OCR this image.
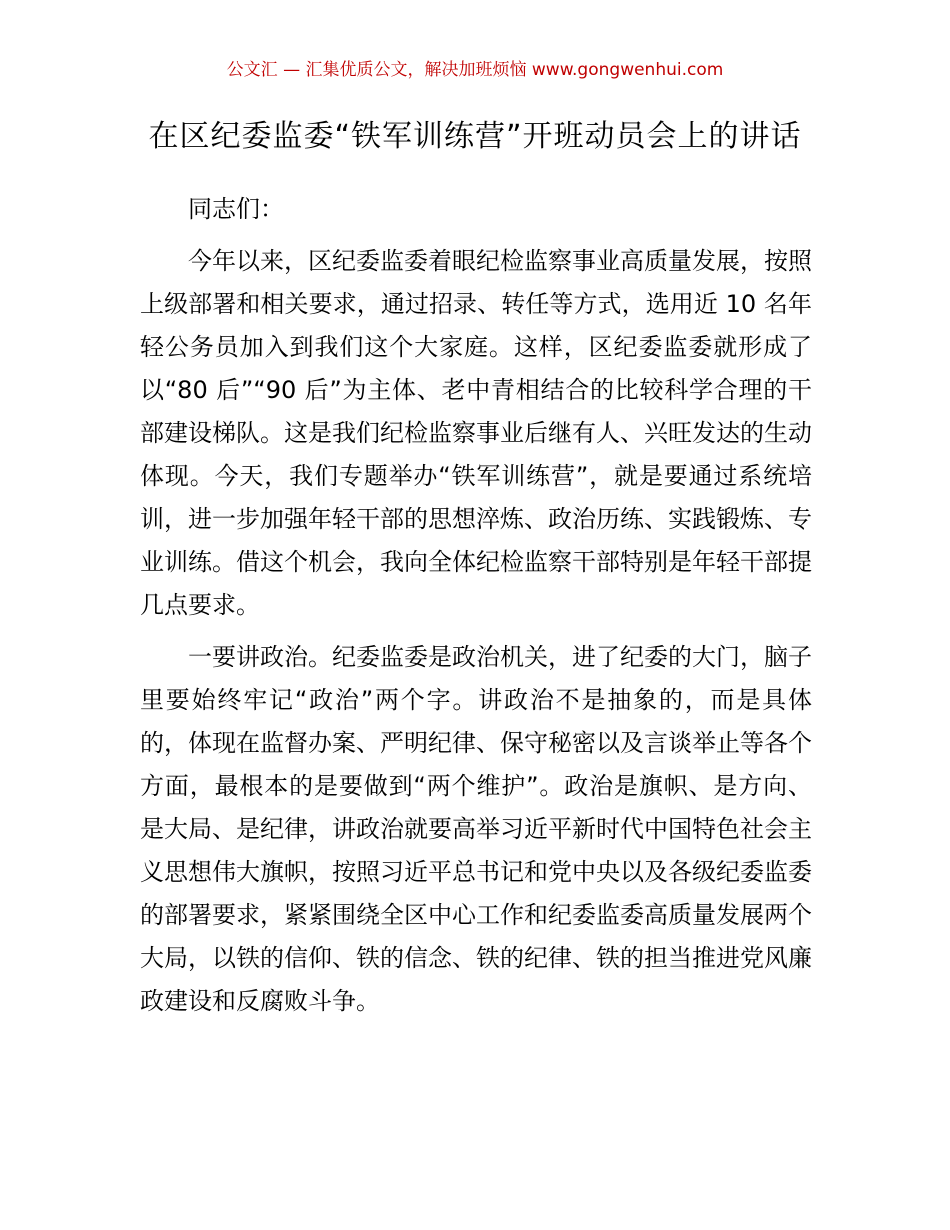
公文汇 — 汇集优质公文，解决加班烦恼 www.gongwenhui.com
在区纪委监委“铁军训练营”开班动员会上的讲话

同志们：

今年以来，区纪委监委着眼纪检监察事业高质量发展，按照上级部署和相关要求，通过招录、转任等方式，选用近 10 名年轻公务员加入到我们这个大家庭。这样，区纪委监委就形成了以“80 后”“90 后”为主体、老中青相结合的比较科学合理的干部建设梯队。这是我们纪检监察事业后继有人、兴旺发达的生动体现。今天，我们专题举办“铁军训练营”，就是要通过系统培训，进一步加强年轻干部的思想淬炼、政治历练、实践锻炼、专业训练。借这个机会，我向全体纪检监察干部特别是年轻干部提几点要求。

一要讲政治。纪委监委是政治机关，进了纪委的大门，脑子里要始终牢记“政治”两个字。讲政治不是抽象的，而是具体的，体现在监督办案、严明纪律、保守秘密以及言谈举止等各个方面，最根本的是要做到“两个维护”。政治是旗帜、是方向、是大局、是纪律，讲政治就要高举习近平新时代中国特色社会主义思想伟大旗帜，按照习近平总书记和党中央以及各级纪委监委的部署要求，紧紧围绕全区中心工作和纪委监委高质量发展两个大局，以铁的信仰、铁的信念、铁的纪律、铁的担当推进党风廉政建设和反腐败斗争。
